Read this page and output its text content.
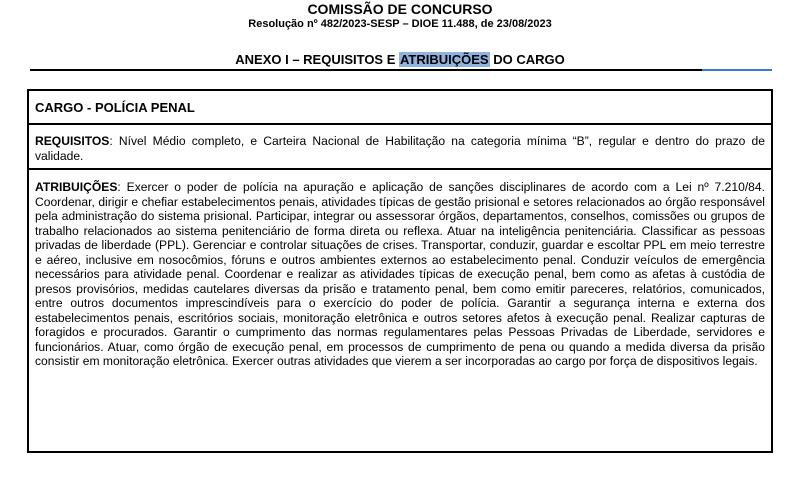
COMISSÃO DE CONCURSO
Resolução nº 482/2023-SESP – DIOE 11.488, de 23/08/2023
ANEXO I – REQUISITOS E ATRIBUIÇÕES DO CARGO
CARGO - POLÍCIA PENAL

REQUISITOS: Nível Médio completo, e Carteira Nacional de Habilitação na categoria mínima “B”, regular e dentro do prazo de validade.

ATRIBUIÇÕES: Exercer o poder de polícia na apuração e aplicação de sanções disciplinares de acordo com a Lei nº 7.210/84. Coordenar, dirigir e chefiar estabelecimentos penais, atividades típicas de gestão prisional e setores relacionados ao órgão responsável pela administração do sistema prisional. Participar, integrar ou assessorar órgãos, departamentos, conselhos, comissões ou grupos de trabalho relacionados ao sistema penitenciário de forma direta ou reflexa. Atuar na inteligência penitenciária. Classificar as pessoas privadas de liberdade (PPL). Gerenciar e controlar situações de crises. Transportar, conduzir, guardar e escoltar PPL em meio terrestre e aéreo, inclusive em nosocômios, fóruns e outros ambientes externos ao estabelecimento penal. Conduzir veículos de emergência necessários para atividade penal. Coordenar e realizar as atividades típicas de execução penal, bem como as afetas à custódia de presos provisórios, medidas cautelares diversas da prisão e tratamento penal, bem como emitir pareceres, relatórios, comunicados, entre outros documentos imprescindíveis para o exercício do poder de polícia. Garantir a segurança interna e externa dos estabelecimentos penais, escritórios sociais, monitoração eletrônica e outros setores afetos à execução penal. Realizar capturas de foragidos e procurados. Garantir o cumprimento das normas regulamentares pelas Pessoas Privadas de Liberdade, servidores e funcionários. Atuar, como órgão de execução penal, em processos de cumprimento de pena ou quando a medida diversa da prisão consistir em monitoração eletrônica. Exercer outras atividades que vierem a ser incorporadas ao cargo por força de dispositivos legais.
